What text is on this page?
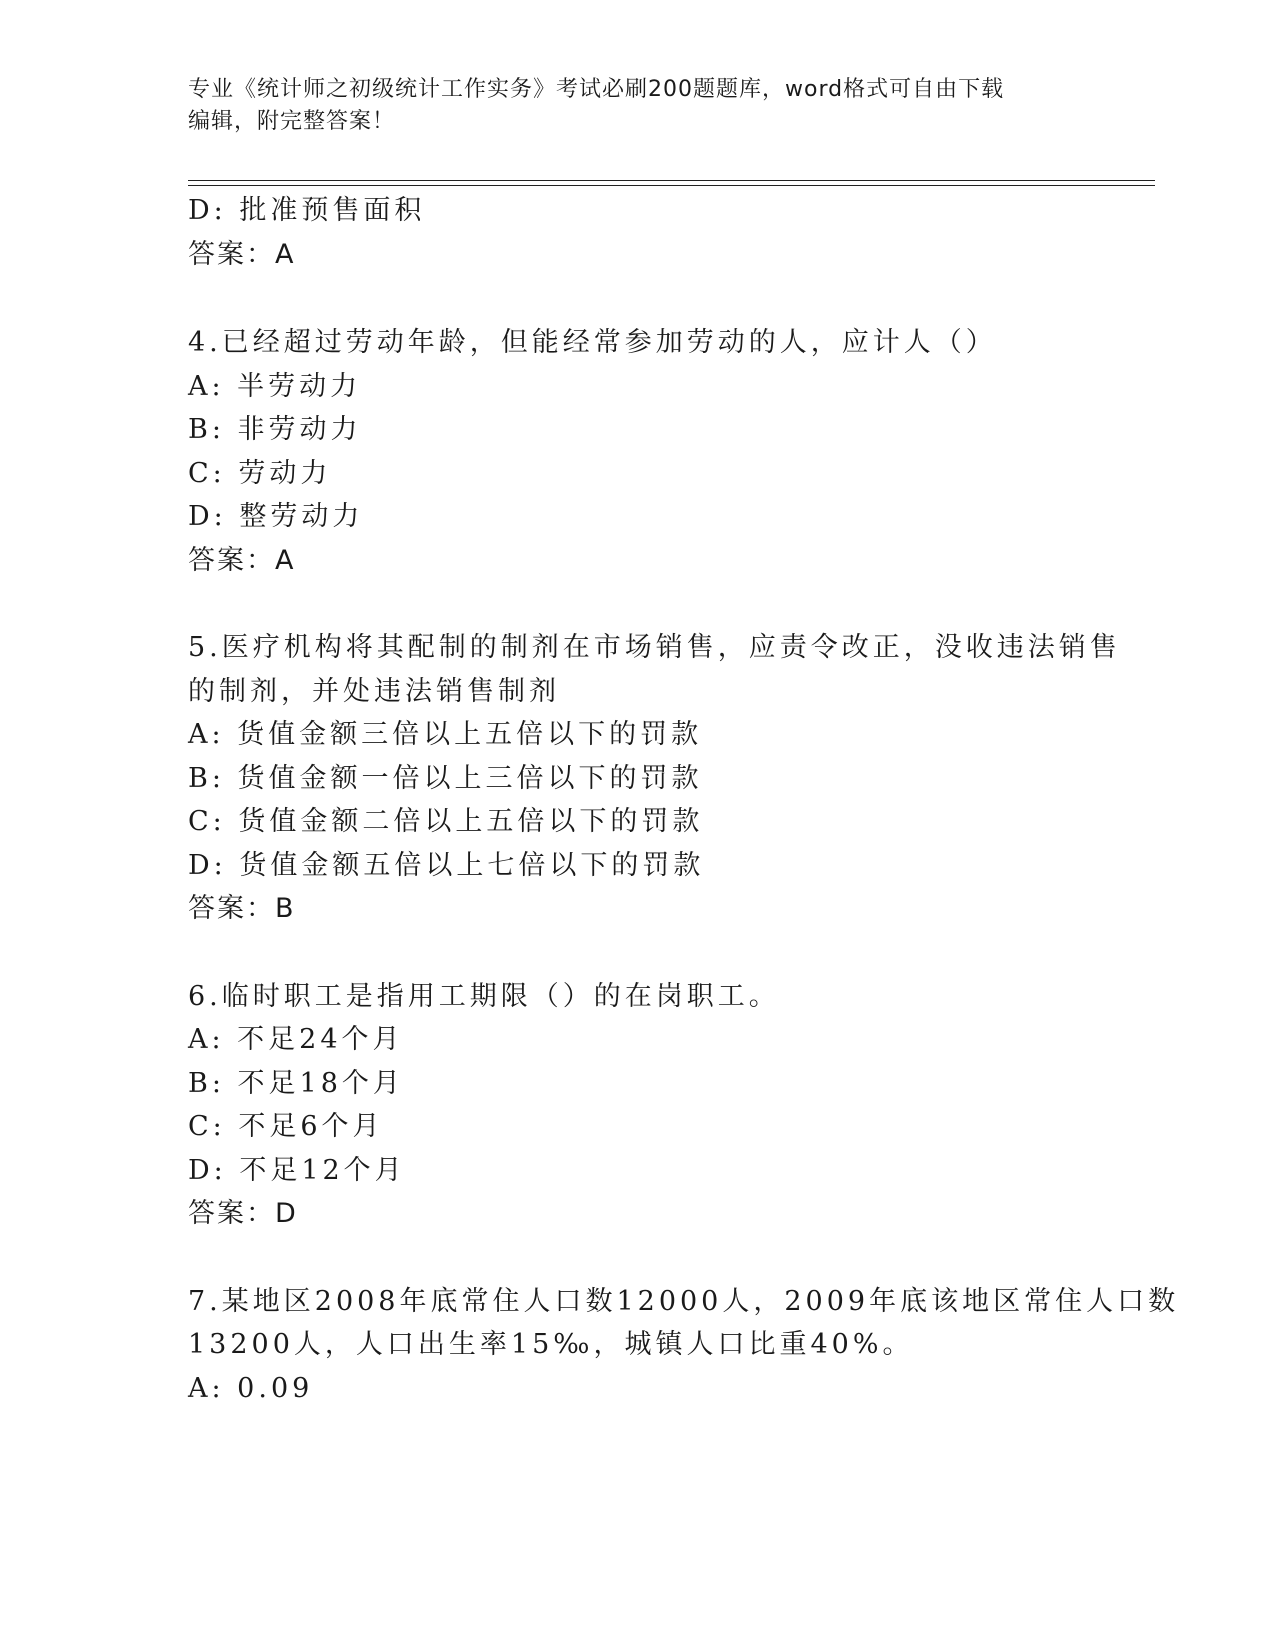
专业《统计师之初级统计工作实务》考试必刷200题题库，word格式可自由下载
编辑，附完整答案！
D: 批准预售面积
答案：A
4.已经超过劳动年龄，但能经常参加劳动的人，应计人（）
A: 半劳动力
B: 非劳动力
C: 劳动力
D: 整劳动力
答案：A
5.医疗机构将其配制的制剂在市场销售，应责令改正，没收违法销售
的制剂，并处违法销售制剂
A: 货值金额三倍以上五倍以下的罚款
B: 货值金额一倍以上三倍以下的罚款
C: 货值金额二倍以上五倍以下的罚款
D: 货值金额五倍以上七倍以下的罚款
答案：B
6.临时职工是指用工期限（）的在岗职工。
A: 不足24个月
B: 不足18个月
C: 不足6个月
D: 不足12个月
答案：D
7.某地区2008年底常住人口数12000人，2009年底该地区常住人口数
13200人，人口出生率15‰，城镇人口比重40%。
A: 0.09
